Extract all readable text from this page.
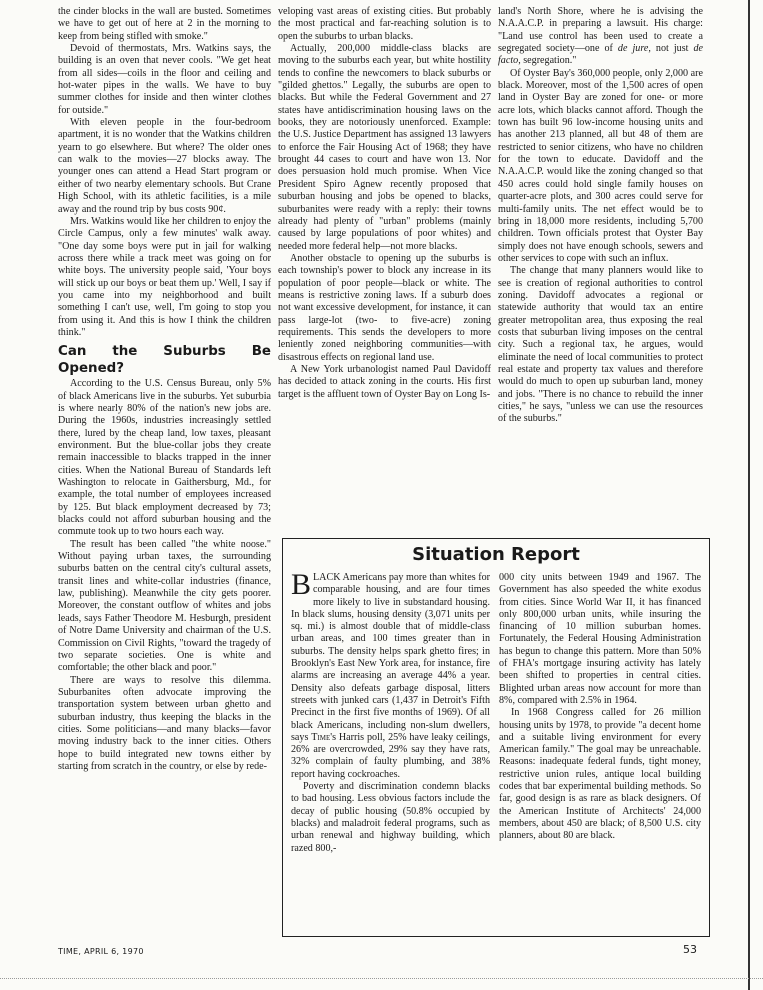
the cinder blocks in the wall are busted. Sometimes we have to get out of here at 2 in the morning to keep from being stifled with smoke."

Devoid of thermostats, Mrs. Watkins says, the building is an oven that never cools. "We get heat from all sides—coils in the floor and ceiling and hot-water pipes in the walls. We have to buy summer clothes for inside and then winter clothes for outside."

With eleven people in the four-bedroom apartment, it is no wonder that the Watkins children yearn to go elsewhere. But where? The older ones can walk to the movies—27 blocks away. The younger ones can attend a Head Start program or either of two nearby elementary schools. But Crane High School, with its athletic facilities, is a mile away and the round trip by bus costs 90¢.

Mrs. Watkins would like her children to enjoy the Circle Campus, only a few minutes' walk away. "One day some boys were put in jail for walking across there while a track meet was going on for white boys. The university people said, 'Your boys will stick up our boys or beat them up.' Well, I say if you came into my neighborhood and built something I can't use, well, I'm going to stop you from using it. And this is how I think the children think."

Can the Suburbs Be Opened?

According to the U.S. Census Bureau, only 5% of black Americans live in the suburbs. Yet suburbia is where nearly 80% of the nation's new jobs are. During the 1960s, industries increasingly settled there, lured by the cheap land, low taxes, pleasant environment. But the blue-collar jobs they create remain inaccessible to blacks trapped in the inner cities. When the National Bureau of Standards left Washington to relocate in Gaithersburg, Md., for example, the total number of employees increased by 125. But black employment decreased by 73; blacks could not afford suburban housing and the commute took up to two hours each way.

The result has been called "the white noose." Without paying urban taxes, the surrounding suburbs batten on the central city's cultural assets, transit lines and white-collar industries (finance, law, publishing). Meanwhile the city gets poorer. Moreover, the constant outflow of whites and jobs leads, says Father Theodore M. Hesburgh, president of Notre Dame University and chairman of the U.S. Commission on Civil Rights, "toward the tragedy of two separate societies. One is white and comfortable; the other black and poor."

There are ways to resolve this dilemma. Suburbanites often advocate improving the transportation system between urban ghetto and suburban industry, thus keeping the blacks in the cities. Some politicians—and many blacks—favor moving industry back to the inner cities. Others hope to build integrated new towns either by starting from scratch in the country, or else by rede-

veloping vast areas of existing cities. But probably the most practical and far-reaching solution is to open the suburbs to urban blacks.

Actually, 200,000 middle-class blacks are moving to the suburbs each year, but white hostility tends to confine the newcomers to black suburbs or "gilded ghettos." Legally, the suburbs are open to blacks. But while the Federal Government and 27 states have antidiscrimination housing laws on the books, they are notoriously unenforced. Example: the U.S. Justice Department has assigned 13 lawyers to enforce the Fair Housing Act of 1968; they have brought 44 cases to court and have won 13. Nor does persuasion hold much promise. When Vice President Spiro Agnew recently proposed that suburban housing and jobs be opened to blacks, suburbanites were ready with a reply: their towns already had plenty of "urban" problems (mainly caused by large populations of poor whites) and needed more federal help—not more blacks.

Another obstacle to opening up the suburbs is each township's power to block any increase in its population of poor people—black or white. The means is restrictive zoning laws. If a suburb does not want excessive development, for instance, it can pass large-lot (two- to five-acre) zoning requirements. This sends the developers to more leniently zoned neighboring communities—with disastrous effects on regional land use.

A New York urbanologist named Paul Davidoff has decided to attack zoning in the courts. His first target is the affluent town of Oyster Bay on Long Is-

land's North Shore, where he is advising the N.A.A.C.P. in preparing a lawsuit. His charge: "Land use control has been used to create a segregated society—one of de jure, not just de facto, segregation."

Of Oyster Bay's 360,000 people, only 2,000 are black. Moreover, most of the 1,500 acres of open land in Oyster Bay are zoned for one- or more acre lots, which blacks cannot afford. Though the town has built 96 low-income housing units and has another 213 planned, all but 48 of them are restricted to senior citizens, who have no children for the town to educate. Davidoff and the N.A.A.C.P. would like the zoning changed so that 450 acres could hold single family houses on quarter-acre plots, and 300 acres could serve for multi-family units. The net effect would be to bring in 18,000 more residents, including 5,700 children. Town officials protest that Oyster Bay simply does not have enough schools, sewers and other services to cope with such an influx.

The change that many planners would like to see is creation of regional authorities to control zoning. Davidoff advocates a regional or statewide authority that would tax an entire greater metropolitan area, thus exposing the real costs that suburban living imposes on the central city. Such a regional tax, he argues, would eliminate the need of local communities to protect real estate and property tax values and therefore would do much to open up suburban land, money and jobs. "There is no chance to rebuild the inner cities," he says, "unless we can use the resources of the suburbs."

Situation Report

BLACK Americans pay more than whites for comparable housing, and are four times more likely to live in substandard housing. In black slums, housing density (3,071 units per sq. mi.) is almost double that of middle-class urban areas, and 100 times greater than in suburbs. The density helps spark ghetto fires; in Brooklyn's East New York area, for instance, fire alarms are increasing an average 44% a year. Density also defeats garbage disposal, litters streets with junked cars (1,437 in Detroit's Fifth Precinct in the first five months of 1969). Of all black Americans, including non-slum dwellers, says Time's Harris poll, 25% have leaky ceilings, 26% are overcrowded, 29% say they have rats, 32% complain of faulty plumbing, and 38% report having cockroaches.

Poverty and discrimination condemn blacks to bad housing. Less obvious factors include the decay of public housing (50.8% occupied by blacks) and maladroit federal programs, such as urban renewal and highway building, which razed 800,-

000 city units between 1949 and 1967. The Government has also speeded the white exodus from cities. Since World War II, it has financed only 800,000 urban units, while insuring the financing of 10 million suburban homes. Fortunately, the Federal Housing Administration has begun to change this pattern. More than 50% of FHA's mortgage insuring activity has lately been shifted to properties in central cities. Blighted urban areas now account for more than 8%, compared with 2.5% in 1964.

In 1968 Congress called for 26 million housing units by 1978, to provide "a decent home and a suitable living environment for every American family." The goal may be unreachable. Reasons: inadequate federal funds, tight money, restrictive union rules, antique local building codes that bar experimental building methods. So far, good design is as rare as black designers. Of the American Institute of Architects' 24,000 members, about 450 are black; of 8,500 U.S. city planners, about 80 are black.

TIME, APRIL 6, 1970	53
